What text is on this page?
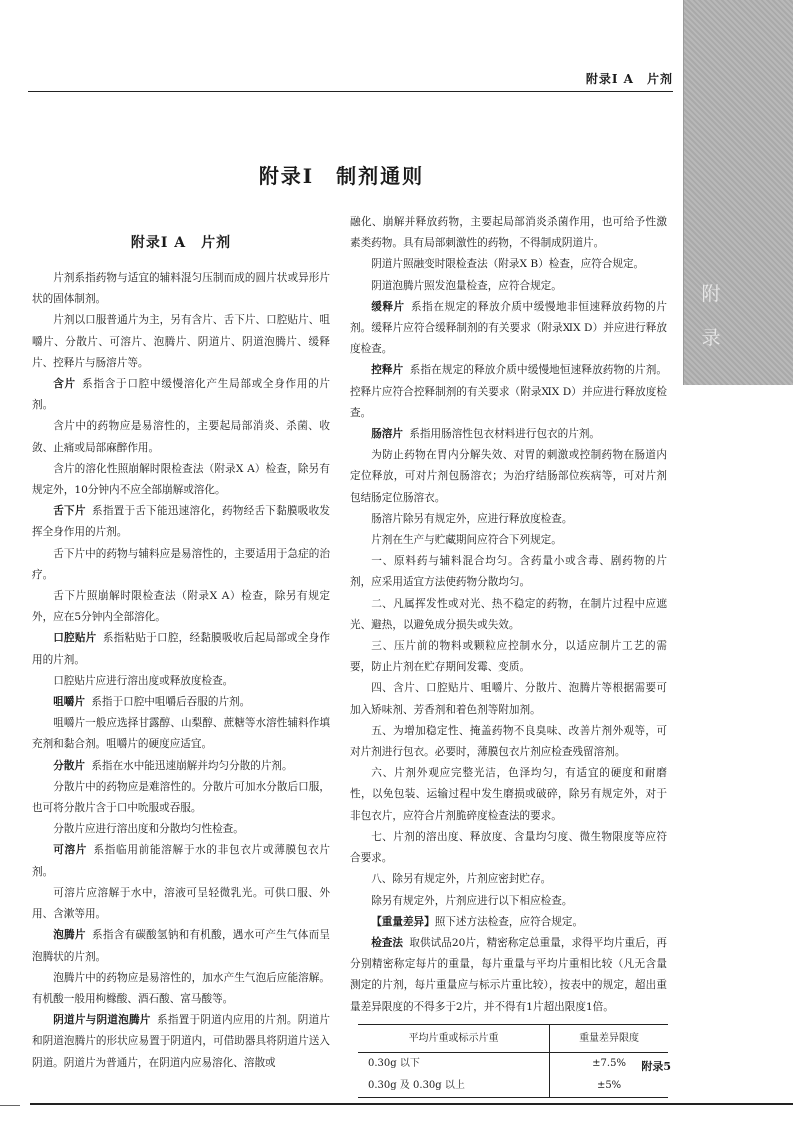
附
录
附录Ⅰ A　片剂
附录Ⅰ　制剂通则
附录Ⅰ A　片剂

片剂系指药物与适宜的辅料混匀压制而成的圆片状或异形片状的固体制剂。

片剂以口服普通片为主，另有含片、舌下片、口腔贴片、咀嚼片、分散片、可溶片、泡腾片、阴道片、阴道泡腾片、缓释片、控释片与肠溶片等。

含片 系指含于口腔中缓慢溶化产生局部或全身作用的片剂。

含片中的药物应是易溶性的，主要起局部消炎、杀菌、收敛、止痛或局部麻醉作用。

含片的溶化性照崩解时限检查法（附录Ⅹ A）检查，除另有规定外，10分钟内不应全部崩解或溶化。

舌下片 系指置于舌下能迅速溶化，药物经舌下黏膜吸收发挥全身作用的片剂。

舌下片中的药物与辅料应是易溶性的，主要适用于急症的治疗。

舌下片照崩解时限检查法（附录Ⅹ A）检查，除另有规定外，应在5分钟内全部溶化。

口腔贴片 系指粘贴于口腔，经黏膜吸收后起局部或全身作用的片剂。

口腔贴片应进行溶出度或释放度检查。

咀嚼片 系指于口腔中咀嚼后吞服的片剂。

咀嚼片一般应选择甘露醇、山梨醇、蔗糖等水溶性辅料作填充剂和黏合剂。咀嚼片的硬度应适宜。

分散片 系指在水中能迅速崩解并均匀分散的片剂。

分散片中的药物应是难溶性的。分散片可加水分散后口服，也可将分散片含于口中吮服或吞服。

分散片应进行溶出度和分散均匀性检查。

可溶片 系指临用前能溶解于水的非包衣片或薄膜包衣片剂。

可溶片应溶解于水中，溶液可呈轻微乳光。可供口服、外用、含漱等用。

泡腾片 系指含有碳酸氢钠和有机酸，遇水可产生气体而呈泡腾状的片剂。

泡腾片中的药物应是易溶性的，加水产生气泡后应能溶解。有机酸一般用枸橼酸、酒石酸、富马酸等。

阴道片与阴道泡腾片 系指置于阴道内应用的片剂。阴道片和阴道泡腾片的形状应易置于阴道内，可借助器具将阴道片送入阴道。阴道片为普通片，在阴道内应易溶化、溶散或

融化、崩解并释放药物，主要起局部消炎杀菌作用，也可给予性激素类药物。具有局部刺激性的药物，不得制成阴道片。

阴道片照融变时限检查法（附录Ⅹ B）检查，应符合规定。

阴道泡腾片照发泡量检查，应符合规定。

缓释片 系指在规定的释放介质中缓慢地非恒速释放药物的片剂。缓释片应符合缓释制剂的有关要求（附录ⅪⅩ D）并应进行释放度检查。

控释片 系指在规定的释放介质中缓慢地恒速释放药物的片剂。控释片应符合控释制剂的有关要求（附录ⅪⅩ D）并应进行释放度检查。

肠溶片 系指用肠溶性包衣材料进行包衣的片剂。

为防止药物在胃内分解失效、对胃的刺激或控制药物在肠道内定位释放，可对片剂包肠溶衣；为治疗结肠部位疾病等，可对片剂包结肠定位肠溶衣。

肠溶片除另有规定外，应进行释放度检查。

片剂在生产与贮藏期间应符合下列规定。

一、原料药与辅料混合均匀。含药量小或含毒、剧药物的片剂，应采用适宜方法使药物分散均匀。

二、凡属挥发性或对光、热不稳定的药物，在制片过程中应遮光、避热，以避免成分损失或失效。

三、压片前的物料或颗粒应控制水分，以适应制片工艺的需要，防止片剂在贮存期间发霉、变质。

四、含片、口腔贴片、咀嚼片、分散片、泡腾片等根据需要可加入矫味剂、芳香剂和着色剂等附加剂。

五、为增加稳定性、掩盖药物不良臭味、改善片剂外观等，可对片剂进行包衣。必要时，薄膜包衣片剂应检查残留溶剂。

六、片剂外观应完整光洁，色泽均匀，有适宜的硬度和耐磨性，以免包装、运输过程中发生磨损或破碎，除另有规定外，对于非包衣片，应符合片剂脆碎度检查法的要求。

七、片剂的溶出度、释放度、含量均匀度、微生物限度等应符合要求。

八、除另有规定外，片剂应密封贮存。

除另有规定外，片剂应进行以下相应检查。

【重量差异】照下述方法检查，应符合规定。

检查法 取供试品20片，精密称定总重量，求得平均片重后，再分别精密称定每片的重量，每片重量与平均片重相比较（凡无含量测定的片剂，每片重量应与标示片重比较），按表中的规定，超出重量差异限度的不得多于2片，并不得有1片超出限度1倍。

平均片重或标示片重	重量差异限度
0.30g 以下	±7.5%
0.30g 及 0.30g 以上	±5%
附录5
